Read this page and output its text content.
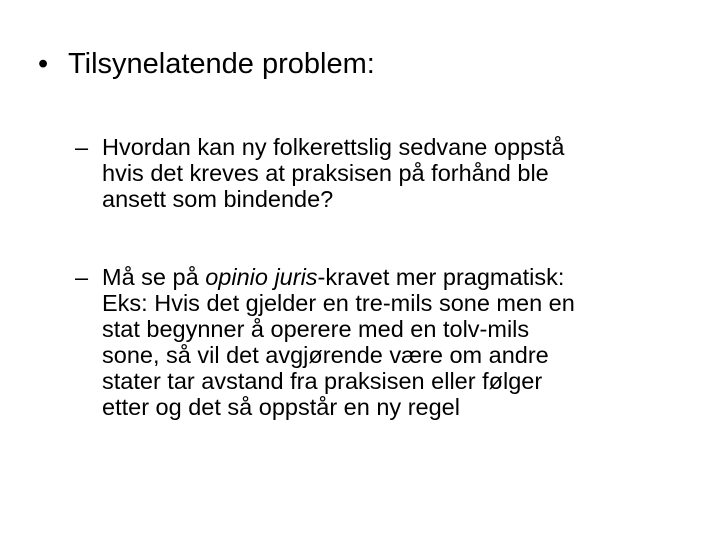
• Tilsynelatende problem:
– Hvordan kan ny folkerettslig sedvane oppstå
hvis det kreves at praksisen på forhånd ble
ansett som bindende?
– Må se på opinio juris-kravet mer pragmatisk:
Eks: Hvis det gjelder en tre-mils sone men en
stat begynner å operere med en tolv-mils
sone, så vil det avgjørende være om andre
stater tar avstand fra praksisen eller følger
etter og det så oppstår en ny regel
